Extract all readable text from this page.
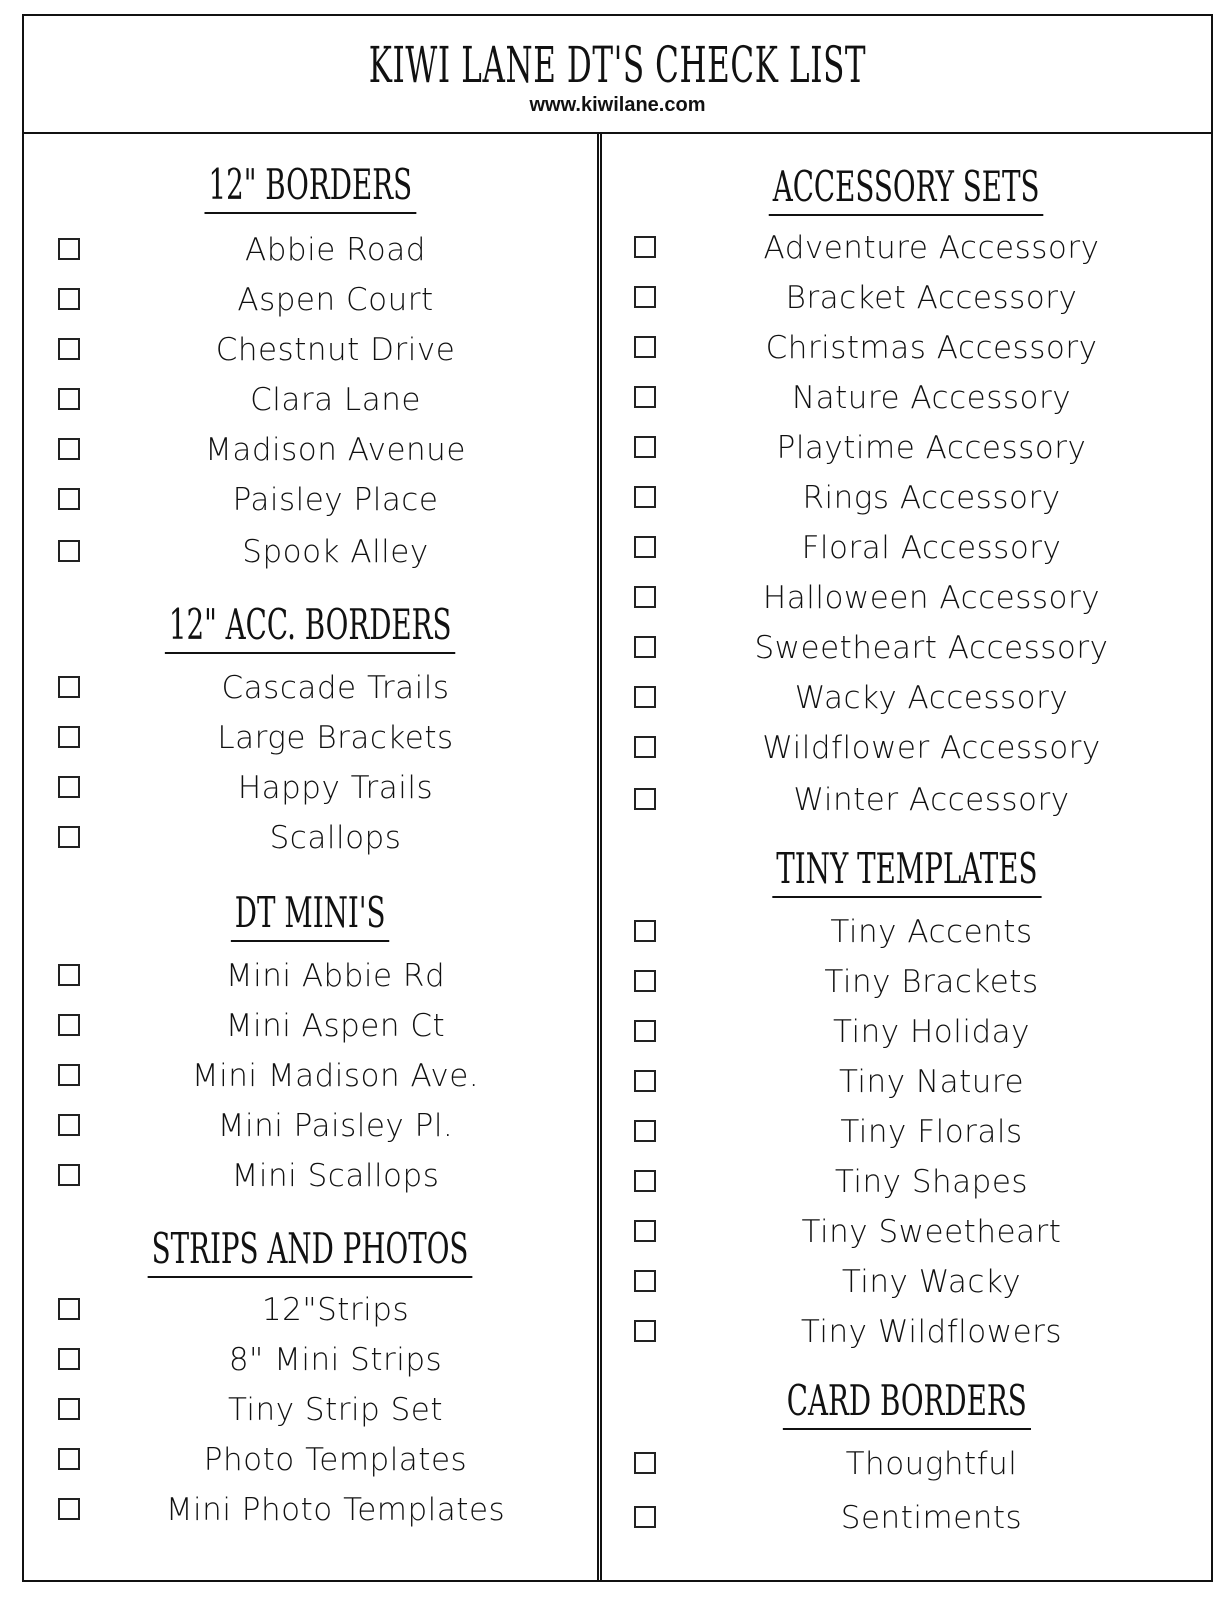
KIWI LANE DT'S CHECK LIST
www.kiwilane.com
12" BORDERS
Abbie Road
Aspen Court
Chestnut Drive
Clara Lane
Madison Avenue
Paisley Place
Spook Alley
12" ACC. BORDERS
Cascade Trails
Large Brackets
Happy Trails
Scallops
DT MINI'S
Mini Abbie Rd
Mini Aspen Ct
Mini Madison Ave.
Mini Paisley Pl.
Mini Scallops
STRIPS AND PHOTOS
12"Strips
8" Mini Strips
Tiny Strip Set
Photo Templates
Mini Photo Templates
ACCESSORY SETS
Adventure Accessory
Bracket Accessory
Christmas Accessory
Nature Accessory
Playtime Accessory
Rings Accessory
Floral Accessory
Halloween Accessory
Sweetheart Accessory
Wacky Accessory
Wildflower Accessory
Winter Accessory
TINY TEMPLATES
Tiny Accents
Tiny Brackets
Tiny Holiday
Tiny Nature
Tiny Florals
Tiny Shapes
Tiny Sweetheart
Tiny Wacky
Tiny Wildflowers
CARD BORDERS
Thoughtful
Sentiments
